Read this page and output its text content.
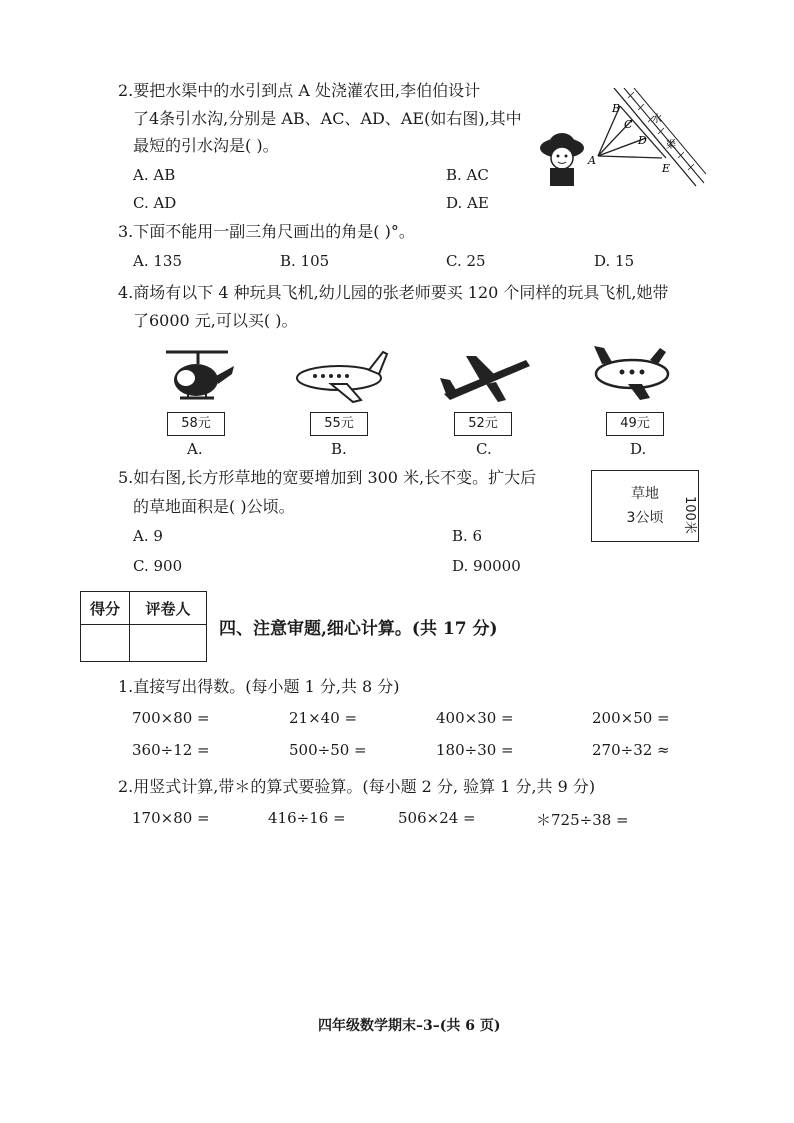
2.要把水渠中的水引到点 A 处浇灌农田,李伯伯设计
了4条引水沟,分别是 AB、AC、AD、AE(如右图),其中
最短的引水沟是( )。
A. AB	B. AC
C. AD	D. AE
B
C
D
E
A
水
渠
3.下面不能用一副三角尺画出的角是( )°。
A. 135	B. 105	C. 25	D. 15
4.商场有以下 4 种玩具飞机,幼儿园的张老师要买 120 个同样的玩具飞机,她带
了6000 元,可以买( )。
58元	55元	52元	49元
A.	B.	C.	D.
5.如右图,长方形草地的宽要增加到 300 米,长不变。扩大后
的草地面积是( )公顷。
A. 9	B. 6
C. 900	D. 90000
草地
3公顷	100米
得分	评卷人

四、注意审题,细心计算。(共 17 分)
1.直接写出得数。(每小题 1 分,共 8 分)
700×80 =	21×40 =	400×30 =	200×50 =
360÷12 =	500÷50 =	180÷30 =	270÷32 ≈
2.用竖式计算,带＊的算式要验算。(每小题 2 分, 验算 1 分,共 9 分)
170×80 =	416÷16 =	506×24 =	＊725÷38 =
四年级数学期末–3–(共 6 页)
